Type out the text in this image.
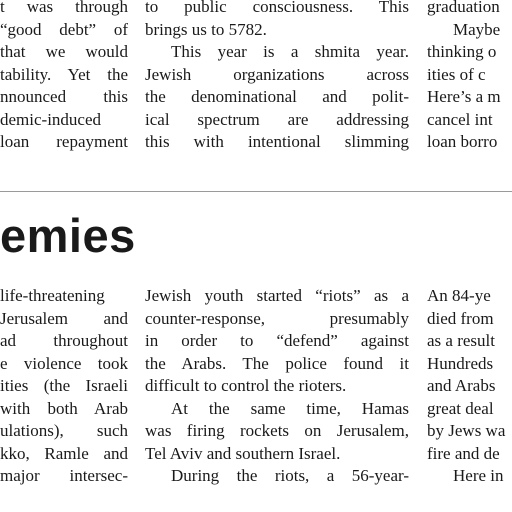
t was through
“good debt” of
that we would
tability. Yet the
nnounced this
demic-induced
loan repayment
to public consciousness. This
brings us to 5782.
This year is a shmita year.
Jewish organizations across
the denominational and polit-
ical spectrum are addressing
this with intentional slimming
graduation
Maybe
thinking o
ities of c
Here’s a m
cancel int
loan borro
emies
life-threatening
Jerusalem and
ad throughout
e violence took
ities (the Israeli
with both Arab
ulations), such
kko, Ramle and
major intersec-
Jewish youth started “riots” as a
counter-response, presumably
in order to “defend” against
the Arabs. The police found it
difficult to control the rioters.
At the same time, Hamas
was firing rockets on Jerusalem,
Tel Aviv and southern Israel.
During the riots, a 56-year-
An 84-ye
died from
as a result
Hundreds
and Arabs
great deal
by Jews wa
fire and de
Here in
